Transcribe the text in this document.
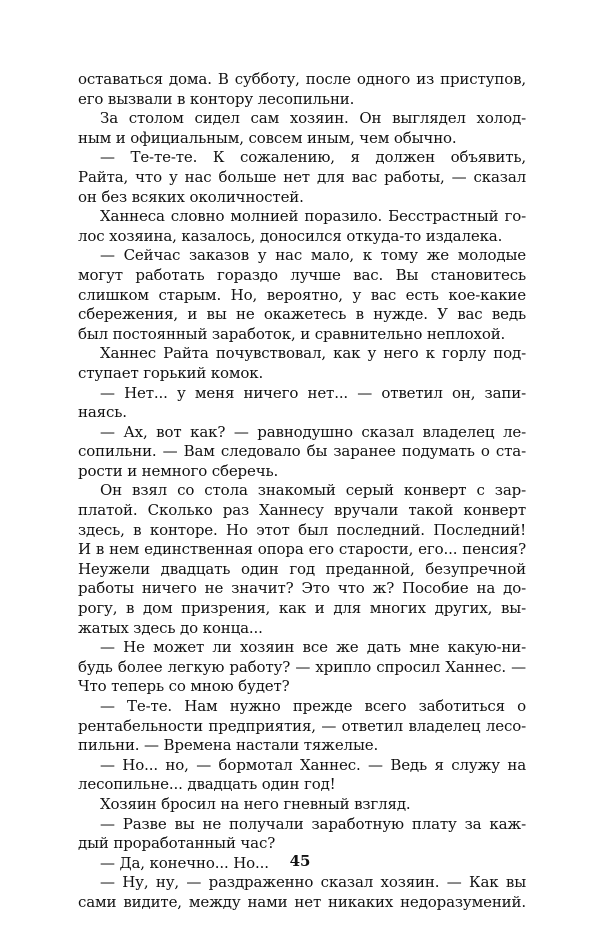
оставаться дома. В субботу, после одного из приступов,
его вызвали в контору лесопильни.
За столом сидел сам хозяин. Он выглядел холод-
ным и официальным, совсем иным, чем обычно.
— Те-те-те. К сожалению, я должен объявить,
Райта, что у нас больше нет для вас работы, — сказал
он без всяких околичностей.
Ханнеса словно молнией поразило. Бесстрастный го-
лос хозяина, казалось, доносился откуда-то издалека.
— Сейчас заказов у нас мало, к тому же молодые
могут работать гораздо лучше вас. Вы становитесь
слишком старым. Но, вероятно, у вас есть кое-какие
сбережения, и вы не окажетесь в нужде. У вас ведь
был постоянный заработок, и сравнительно неплохой.
Ханнес Райта почувствовал, как у него к горлу под-
ступает горький комок.
— Нет... у меня ничего нет... — ответил он, запи-
наясь.
— Ах, вот как? — равнодушно сказал владелец ле-
сопильни. — Вам следовало бы заранее подумать о ста-
рости и немного сберечь.
Он взял со стола знакомый серый конверт с зар-
платой. Сколько раз Ханнесу вручали такой конверт
здесь, в конторе. Но этот был последний. Последний!
И в нем единственная опора его старости, его... пенсия?
Неужели двадцать один год преданной, безупречной
работы ничего не значит? Это что ж? Пособие на до-
рогу, в дом призрения, как и для многих других, вы-
жатых здесь до конца...
— Не может ли хозяин все же дать мне какую-ни-
будь более легкую работу? — хрипло спросил Ханнес. —
Что теперь со мною будет?
— Те-те. Нам нужно прежде всего заботиться о
рентабельности предприятия, — ответил владелец лесо-
пильни. — Времена настали тяжелые.
— Но... но, — бормотал Ханнес. — Ведь я служу на
лесопильне... двадцать один год!
Хозяин бросил на него гневный взгляд.
— Разве вы не получали заработную плату за каж-
дый проработанный час?
— Да, конечно... Но...
— Ну, ну, — раздраженно сказал хозяин. — Как вы
сами видите, между нами нет никаких недоразумений.
45
